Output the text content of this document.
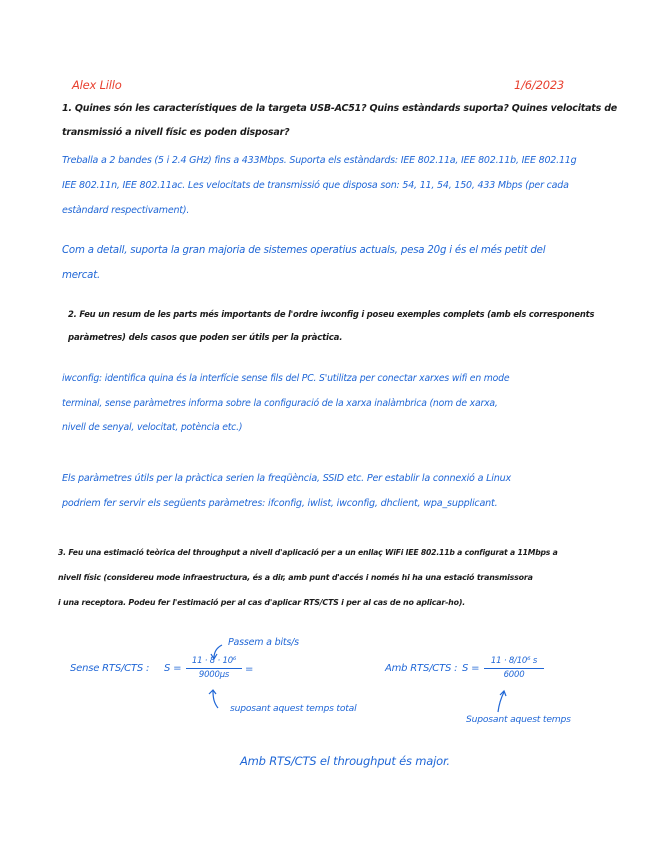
Alex Lillo	1/6/2023
1. Quines són les característiques de la targeta USB-AC51? Quins estàndards suporta? Quines velocitats de
transmissió a nivell físic es poden disposar?
Treballa a 2 bandes (5 i 2.4 GHz) fins a 433Mbps. Suporta els estàndards: IEE 802.11a, IEE 802.11b, IEE 802.11g
IEE 802.11n, IEE 802.11ac. Les velocitats de transmissió que disposa son: 54, 11, 54, 150, 433 Mbps (per cada
estàndard respectivament).
Com a detall, suporta la gran majoria de sistemes operatius actuals, pesa 20g i és el més petit del
mercat.
2. Feu un resum de les parts més importants de l'ordre iwconfig i poseu exemples complets (amb els corresponents
paràmetres) dels casos que poden ser útils per la pràctica.
iwconfig: identifica quina és la interfície sense fils del PC. S'utilitza per conectar xarxes wifi en mode
terminal, sense paràmetres informa sobre la configuració de la xarxa inalàmbrica (nom de xarxa,
nivell de senyal, velocitat, potència etc.)
Els paràmetres útils per la pràctica serien la freqüència, SSID etc. Per establir la connexió a Linux
podriem fer servir els següents paràmetres: ifconfig, iwlist, iwconfig, dhclient, wpa_supplicant.
3. Feu una estimació teòrica del throughput a nivell d'aplicació per a un enllaç WiFi IEE 802.11b a configurat a 11Mbps a
nivell físic (considereu mode infraestructura, és a dir, amb punt d'accés i només hi ha una estació transmissora
i una receptora. Podeu fer l'estimació per al cas d'aplicar RTS/CTS i per al cas de no aplicar-ho).
Passem a bits/s
Sense RTS/CTS : S =
11 · 8 · 10⁶
9000µs	=
suposant aquest temps total
Amb RTS/CTS : S =
11 · 8/10⁶ s
6000
Suposant aquest temps
Amb RTS/CTS el throughput és major.
